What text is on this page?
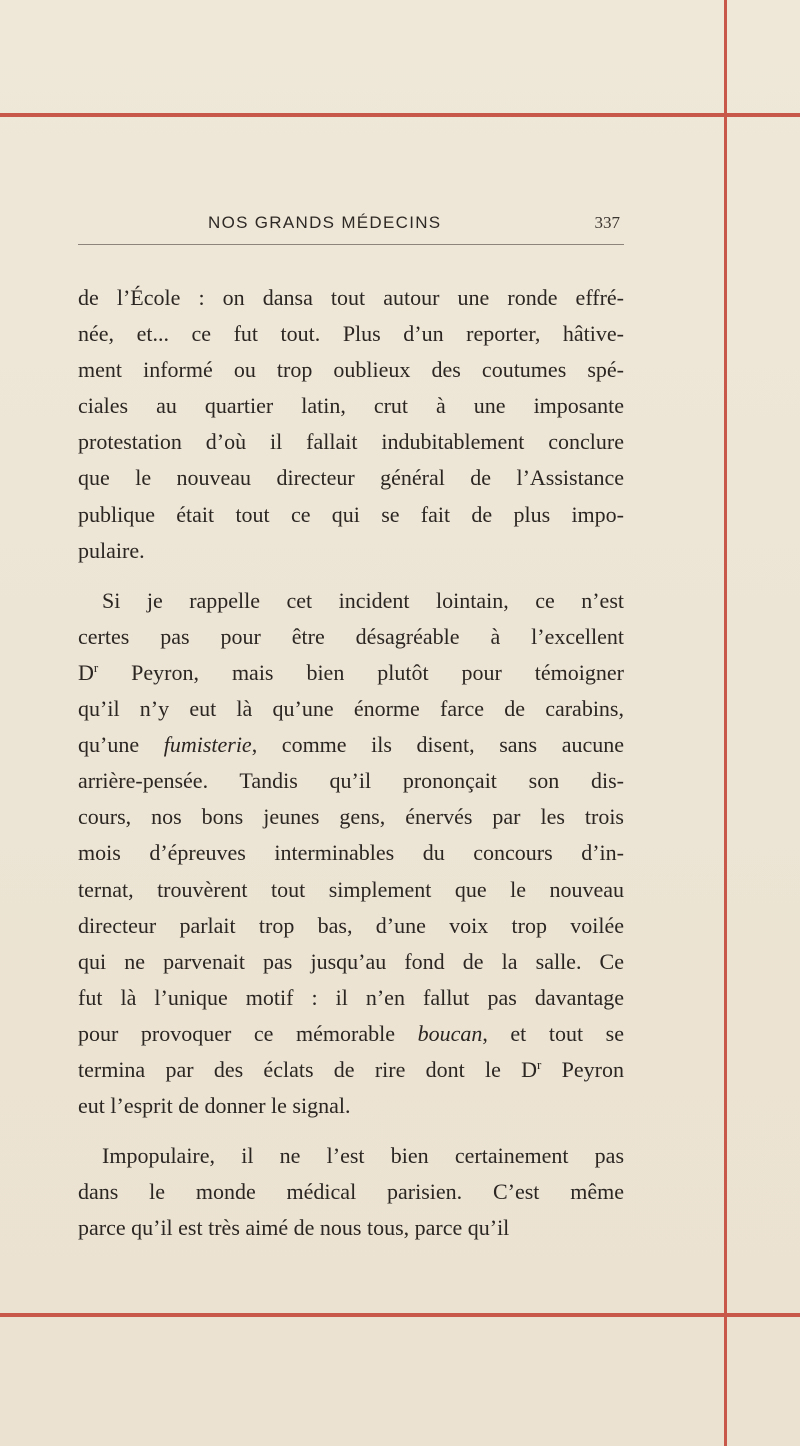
NOS GRANDS MÉDECINS	337
de l’École : on dansa tout autour une ronde effré-
née, et... ce fut tout. Plus d’un reporter, hâtive-
ment informé ou trop oublieux des coutumes spé-
ciales au quartier latin, crut à une imposante
protestation d’où il fallait indubitablement conclure
que le nouveau directeur général de l’Assistance
publique était tout ce qui se fait de plus impo-
pulaire.
Si je rappelle cet incident lointain, ce n’est
certes pas pour être désagréable à l’excellent
$D^r$ Peyron, mais bien plutôt pour témoigner
qu’il n’y eut là qu’une énorme farce de carabins,
qu’une fumisterie, comme ils disent, sans aucune
arrière-pensée. Tandis qu’il prononçait son dis-
cours, nos bons jeunes gens, énervés par les trois
mois d’épreuves interminables du concours d’in-
ternat, trouvèrent tout simplement que le nouveau
directeur parlait trop bas, d’une voix trop voilée
qui ne parvenait pas jusqu’au fond de la salle. Ce
fut là l’unique motif : il n’en fallut pas davantage
pour provoquer ce mémorable boucan, et tout se
termina par des éclats de rire dont le $D^r$ Peyron
eut l’esprit de donner le signal.
Impopulaire, il ne l’est bien certainement pas
dans le monde médical parisien. C’est même
parce qu’il est très aimé de nous tous, parce qu’il
